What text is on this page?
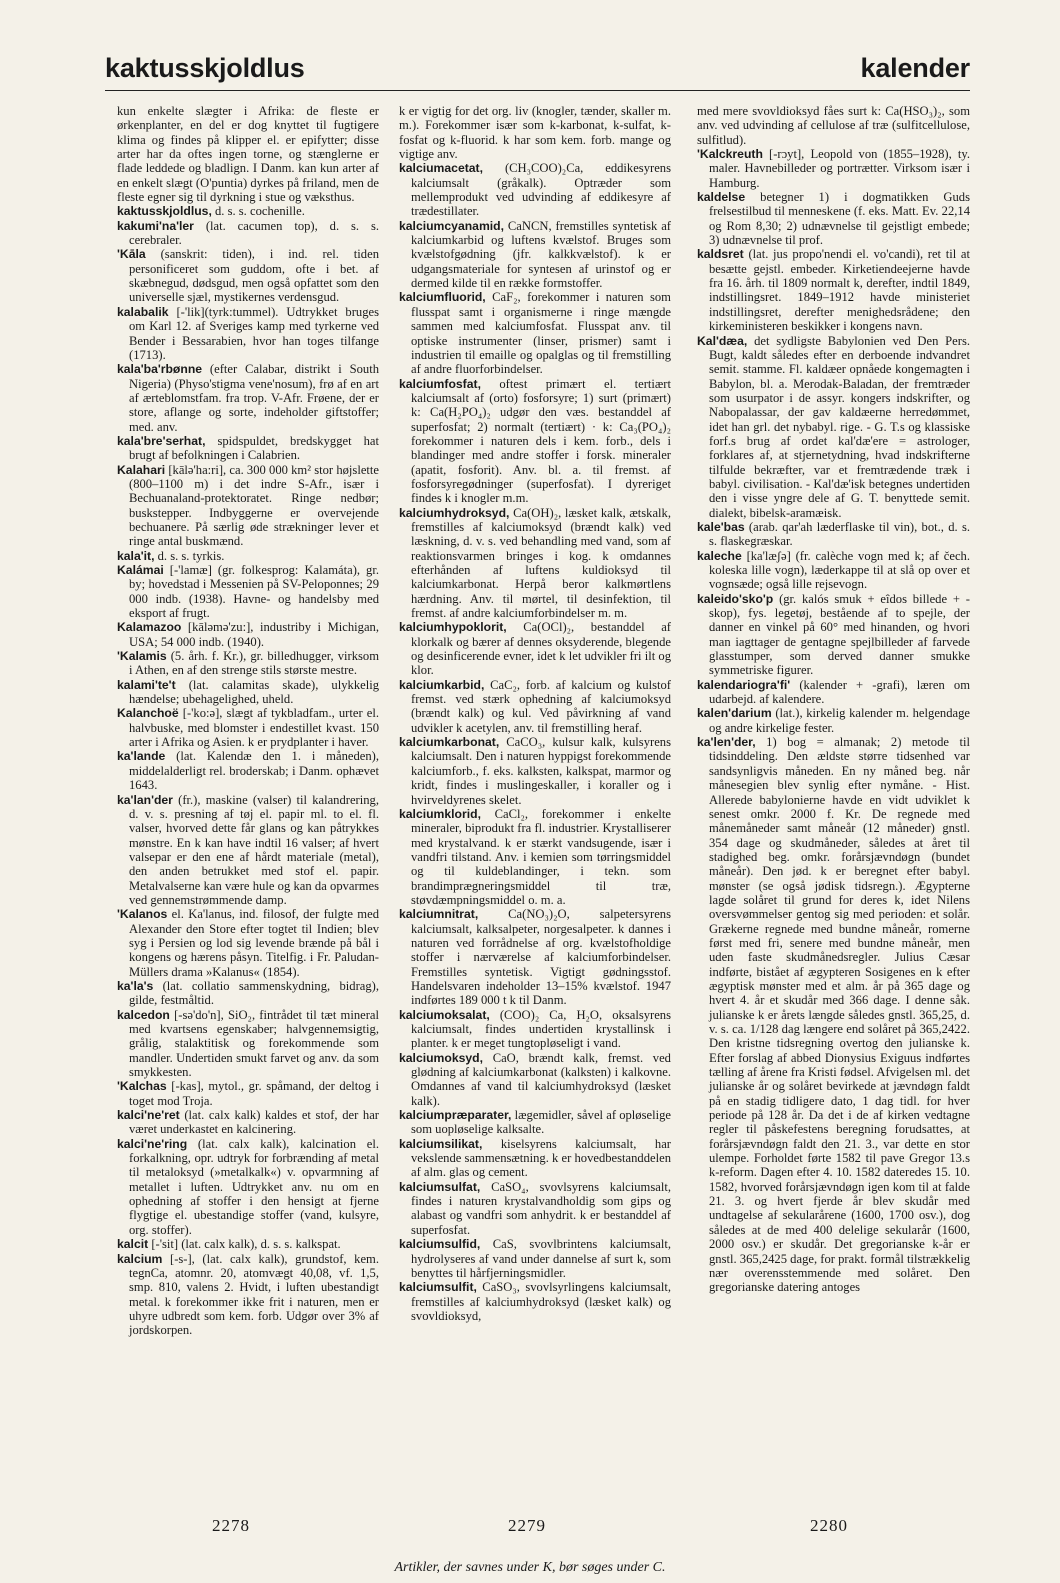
kaktusskjoldlus	kalender

kun enkelte slægter i Afrika: de fleste er ørkenplanter, en del er dog knyttet til fugtigere klima og findes på klipper el. er epifytter; disse arter har da oftes ingen torne, og stænglerne er flade leddede og bladlign. I Danm. kan kun arter af en enkelt slægt (O'puntia) dyrkes på friland, men de fleste egner sig til dyrkning i stue og væksthus.

kaktusskjoldlus, d. s. s. cochenille.

kakumi'na'ler (lat. cacumen top), d. s. s. cerebraler.

'Kāla (sanskrit: tiden), i ind. rel. tiden personificeret som guddom, ofte i bet. af skæbnegud, dødsgud, men også opfattet som den universelle sjæl, mystikernes verdensgud.

kalabalik [-'lik](tyrk:tummel). Udtrykket bruges om Karl 12. af Sveriges kamp med tyrkerne ved Bender i Bessarabien, hvor han toges tilfange (1713).

kala'ba'rbønne (efter Calabar, distrikt i South Nigeria) (Physo'stigma vene'nosum), frø af en art af ærteblomstfam. fra trop. V-Afr. Frøene, der er store, aflange og sorte, indeholder giftstoffer; med. anv.

kala'bre'serhat, spidspuldet, bredskygget hat brugt af befolkningen i Calabrien.

Kalahari [kālə'ha:ri], ca. 300 000 km² stor højslette (800–1100 m) i det indre S-Afr., især i Bechuanaland-protektoratet. Ringe nedbør; buskstepper. Indbyggerne er overvejende bechuanere. På særlig øde strækninger lever et ringe antal buskmænd.

kala'it, d. s. s. tyrkis.

Kalámai [-'lamæ] (gr. folkesprog: Kalamáta), gr. by; hovedstad i Messenien på SV-Peloponnes; 29 000 indb. (1938). Havne- og handelsby med eksport af frugt.

Kalamazoo [kāləmə'zu:], industriby i Michigan, USA; 54 000 indb. (1940).

'Kalamis (5. årh. f. Kr.), gr. billedhugger, virksom i Athen, en af den strenge stils største mestre.

kalami'te't (lat. calamitas skade), ulykkelig hændelse; ubehagelighed, uheld.

Kalanchoë [-'ko:ə], slægt af tykbladfam., urter el. halvbuske, med blomster i endestillet kvast. 150 arter i Afrika og Asien. k er prydplanter i haver.

ka'lande (lat. Kalendæ den 1. i måneden), middelalderligt rel. broderskab; i Danm. ophævet 1643.

ka'lan'der (fr.), maskine (valser) til kalandrering, d. v. s. presning af tøj el. papir ml. to el. fl. valser, hvorved dette får glans og kan påtrykkes mønstre. En k kan have indtil 16 valser; af hvert valsepar er den ene af hårdt materiale (metal), den anden betrukket med stof el. papir. Metalvalserne kan være hule og kan da opvarmes ved gennemstrømmende damp.

'Kalanos el. Ka'lanus, ind. filosof, der fulgte med Alexander den Store efter togtet til Indien; blev syg i Persien og lod sig levende brænde på bål i kongens og hærens påsyn. Titelfig. i Fr. Paludan-Müllers drama »Kalanus« (1854).

ka'la's (lat. collatio sammenskydning, bidrag), gilde, festmåltid.

kalcedon [-sə'do'n], SiO₂, fintrådet til tæt mineral med kvartsens egenskaber; halvgennemsigtig, grålig, stalaktitisk og forekommende som mandler. Undertiden smukt farvet og anv. da som smykkesten.

'Kalchas [-kas], mytol., gr. spåmand, der deltog i toget mod Troja.

kalci'ne'ret (lat. calx kalk) kaldes et stof, der har været underkastet en kalcinering.

kalci'ne'ring (lat. calx kalk), kalcination el. forkalkning, opr. udtryk for forbrænding af metal til metaloksyd (»metalkalk«) v. opvarmning af metallet i luften. Udtrykket anv. nu om en ophedning af stoffer i den hensigt at fjerne flygtige el. ubestandige stoffer (vand, kulsyre, org. stoffer).

kalcit [-'sit] (lat. calx kalk), d. s. s. kalkspat.

kalcium [-s-], (lat. calx kalk), grundstof, kem. tegnCa, atomnr. 20, atomvægt 40,08, vf. 1,5, smp. 810, valens 2. Hvidt, i luften ubestandigt metal. k forekommer ikke frit i naturen, men er uhyre udbredt som kem. forb. Udgør over 3% af jordskorpen.

k er vigtig for det org. liv (knogler, tænder, skaller m. m.). Forekommer især som k-karbonat, k-sulfat, k-fosfat og k-fluorid. k har som kem. forb. mange og vigtige anv.

kalciumacetat, (CH₃COO)₂Ca, eddikesyrens kalciumsalt (gråkalk). Optræder som mellemprodukt ved udvinding af eddikesyre af trædestillater.

kalciumcyanamid, CaNCN, fremstilles syntetisk af kalciumkarbid og luftens kvælstof. Bruges som kvælstofgødning (jfr. kalkkvælstof). k er udgangsmateriale for syntesen af urinstof og er dermed kilde til en række formstoffer.

kalciumfluorid, CaF₂, forekommer i naturen som flusspat samt i organismerne i ringe mængde sammen med kalciumfosfat. Flusspat anv. til optiske instrumenter (linser, prismer) samt i industrien til emaille og opalglas og til fremstilling af andre fluorforbindelser.

kalciumfosfat, oftest primært el. tertiært kalciumsalt af (orto) fosforsyre; 1) surt (primært) k: Ca(H₂PO₄)₂ udgør den væs. bestanddel af superfosfat; 2) normalt (tertiært) · k: Ca₃(PO₄)₂ forekommer i naturen dels i kem. forb., dels i blandinger med andre stoffer i forsk. mineraler (apatit, fosforit). Anv. bl. a. til fremst. af fosforsyregødninger (superfosfat). I dyreriget findes k i knogler m.m.

kalciumhydroksyd, Ca(OH)₂, læsket kalk, ætskalk, fremstilles af kalciumoksyd (brændt kalk) ved læskning, d. v. s. ved behandling med vand, som af reaktionsvarmen bringes i kog. k omdannes efterhånden af luftens kuldioksyd til kalciumkarbonat. Herpå beror kalkmørtlens hærdning. Anv. til mørtel, til desinfektion, til fremst. af andre kalciumforbindelser m. m.

kalciumhypoklorit, Ca(OCl)₂, bestanddel af klorkalk og bærer af dennes oksyderende, blegende og desinficerende evner, idet k let udvikler fri ilt og klor.

kalciumkarbid, CaC₂, forb. af kalcium og kulstof fremst. ved stærk ophedning af kalciumoksyd (brændt kalk) og kul. Ved påvirkning af vand udvikler k acetylen, anv. til fremstilling heraf.

kalciumkarbonat, CaCO₃, kulsur kalk, kulsyrens kalciumsalt. Den i naturen hyppigst forekommende kalciumforb., f. eks. kalksten, kalkspat, marmor og kridt, findes i muslingeskaller, i koraller og i hvirveldyrenes skelet.

kalciumklorid, CaCl₂, forekommer i enkelte mineraler, biprodukt fra fl. industrier. Krystalliserer med krystalvand. k er stærkt vandsugende, især i vandfri tilstand. Anv. i kemien som tørringsmiddel og til kuldeblandinger, i tekn. som brandimprægneringsmiddel til træ, støvdæmpningsmiddel o. m. a.

kalciumnitrat, Ca(NO₃)₂O, salpetersyrens kalciumsalt, kalksalpeter, norgesalpeter. k dannes i naturen ved forrådnelse af org. kvælstofholdige stoffer i nærværelse af kalciumforbindelser. Fremstilles syntetisk. Vigtigt gødningsstof. Handelsvaren indeholder 13–15% kvælstof. 1947 indførtes 189 000 t k til Danm.

kalciumoksalat, (COO)₂ Ca, H₂O, oksalsyrens kalciumsalt, findes undertiden krystallinsk i planter. k er meget tungtopløseligt i vand.

kalciumoksyd, CaO, brændt kalk, fremst. ved glødning af kalciumkarbonat (kalksten) i kalkovne. Omdannes af vand til kalciumhydroksyd (læsket kalk).

kalciumpræparater, lægemidler, såvel af opløselige som uopløselige kalksalte.

kalciumsilikat, kiselsyrens kalciumsalt, har vekslende sammensætning. k er hovedbestanddelen af alm. glas og cement.

kalciumsulfat, CaSO₄, svovlsyrens kalciumsalt, findes i naturen krystalvandholdig som gips og alabast og vandfri som anhydrit. k er bestanddel af superfosfat.

kalciumsulfid, CaS, svovlbrintens kalciumsalt, hydrolyseres af vand under dannelse af surt k, som benyttes til hårfjerningsmidler.

kalciumsulfit, CaSO₃, svovlsyrlingens kalciumsalt, fremstilles af kalciumhydroksyd (læsket kalk) og svovldioksyd,

med mere svovldioksyd fåes surt k: Ca(HSO₃)₂, som anv. ved udvinding af cellulose af træ (sulfitcellulose, sulfitlud).

'Kalckreuth [-rɔyt], Leopold von (1855–1928), ty. maler. Havnebilleder og portrætter. Virksom især i Hamburg.

kaldelse betegner 1) i dogmatikken Guds frelsestilbud til menneskene (f. eks. Matt. Ev. 22,14 og Rom 8,30; 2) udnævnelse til gejstligt embede; 3) udnævnelse til prof.

kaldsret (lat. jus propo'nendi el. vo'candi), ret til at besætte gejstl. embeder. Kirketiendeejerne havde fra 16. årh. til 1809 normalt k, derefter, indtil 1849, indstillingsret. 1849–1912 havde ministeriet indstillingsret, derefter menighedsrådene; den kirkeministeren beskikker i kongens navn.

Kal'dæa, det sydligste Babylonien ved Den Pers. Bugt, kaldt således efter en derboende indvandret semit. stamme. Fl. kaldæer opnåede kongemagten i Babylon, bl. a. Merodak-Baladan, der fremtræder som usurpator i de assyr. kongers indskrifter, og Nabopalassar, der gav kaldæerne herredømmet, idet han grl. det nybabyl. rige. - G. T.s og klassiske forf.s brug af ordet kal'dæ'ere = astrologer, forklares af, at stjernetydning, hvad indskrifterne tilfulde bekræfter, var et fremtrædende træk i babyl. civilisation. - Kal'dæ'isk betegnes undertiden den i visse yngre dele af G. T. benyttede semit. dialekt, bibelsk-aramæisk.

kale'bas (arab. qar'ah læderflaske til vin), bot., d. s. s. flaskegræskar.

kaleche [ka'læʃə] (fr. calèche vogn med k; af čech. koleska lille vogn), læderkappe til at slå op over et vognsæde; også lille rejsevogn.

kaleido'sko'p (gr. kalós smuk + eîdos billede + -skop), fys. legetøj, bestående af to spejle, der danner en vinkel på 60° med hinanden, og hvori man iagttager de gentagne spejlbilleder af farvede glasstumper, som derved danner smukke symmetriske figurer.

kalendariogra'fi' (kalender + -grafi), læren om udarbejd. af kalendere.

kalen'darium (lat.), kirkelig kalender m. helgendage og andre kirkelige fester.

ka'len'der, 1) bog = almanak; 2) metode til tidsinddeling. Den ældste større tidsenhed var sandsynligvis måneden. En ny måned beg. når månesegien blev synlig efter nymåne. - Hist. Allerede babylonierne havde en vidt udviklet k senest omkr. 2000 f. Kr. De regnede med månemåneder samt måneår (12 måneder) gnstl. 354 dage og skudmåneder, således at året til stadighed beg. omkr. forårsjævndøgn (bundet måneår). Den jød. k er beregnet efter babyl. mønster (se også jødisk tidsregn.). Ægypterne lagde solåret til grund for deres k, idet Nilens oversvømmelser gentog sig med perioden: et solår. Grækerne regnede med bundne måneår, romerne først med fri, senere med bundne måneår, men uden faste skudmånedsregler. Julius Cæsar indførte, bistået af ægypteren Sosigenes en k efter ægyptisk mønster med et alm. år på 365 dage og hvert 4. år et skudår med 366 dage. I denne såk. julianske k er årets længde således gnstl. 365,25, d. v. s. ca. 1/128 dag længere end solåret på 365,2422. Den kristne tidsregning overtog den julianske k. Efter forslag af abbed Dionysius Exiguus indførtes tælling af årene fra Kristi fødsel. Afvigelsen ml. det julianske år og solåret bevirkede at jævndøgn faldt på en stadig tidligere dato, 1 dag tidl. for hver periode på 128 år. Da det i de af kirken vedtagne regler til påskefestens beregning forudsattes, at forårsjævndøgn faldt den 21. 3., var dette en stor ulempe. Forholdet førte 1582 til pave Gregor 13.s k-reform. Dagen efter 4. 10. 1582 dateredes 15. 10. 1582, hvorved forårsjævndøgn igen kom til at falde 21. 3. og hvert fjerde år blev skudår med undtagelse af sekularårene (1600, 1700 osv.), dog således at de med 400 delelige sekularår (1600, 2000 osv.) er skudår. Det gregorianske k-år er gnstl. 365,2425 dage, for prakt. formål tilstrækkelig nær overensstemmende med solåret. Den gregorianske datering antoges

2278	2279	2280
Artikler, der savnes under K, bør søges under C.
